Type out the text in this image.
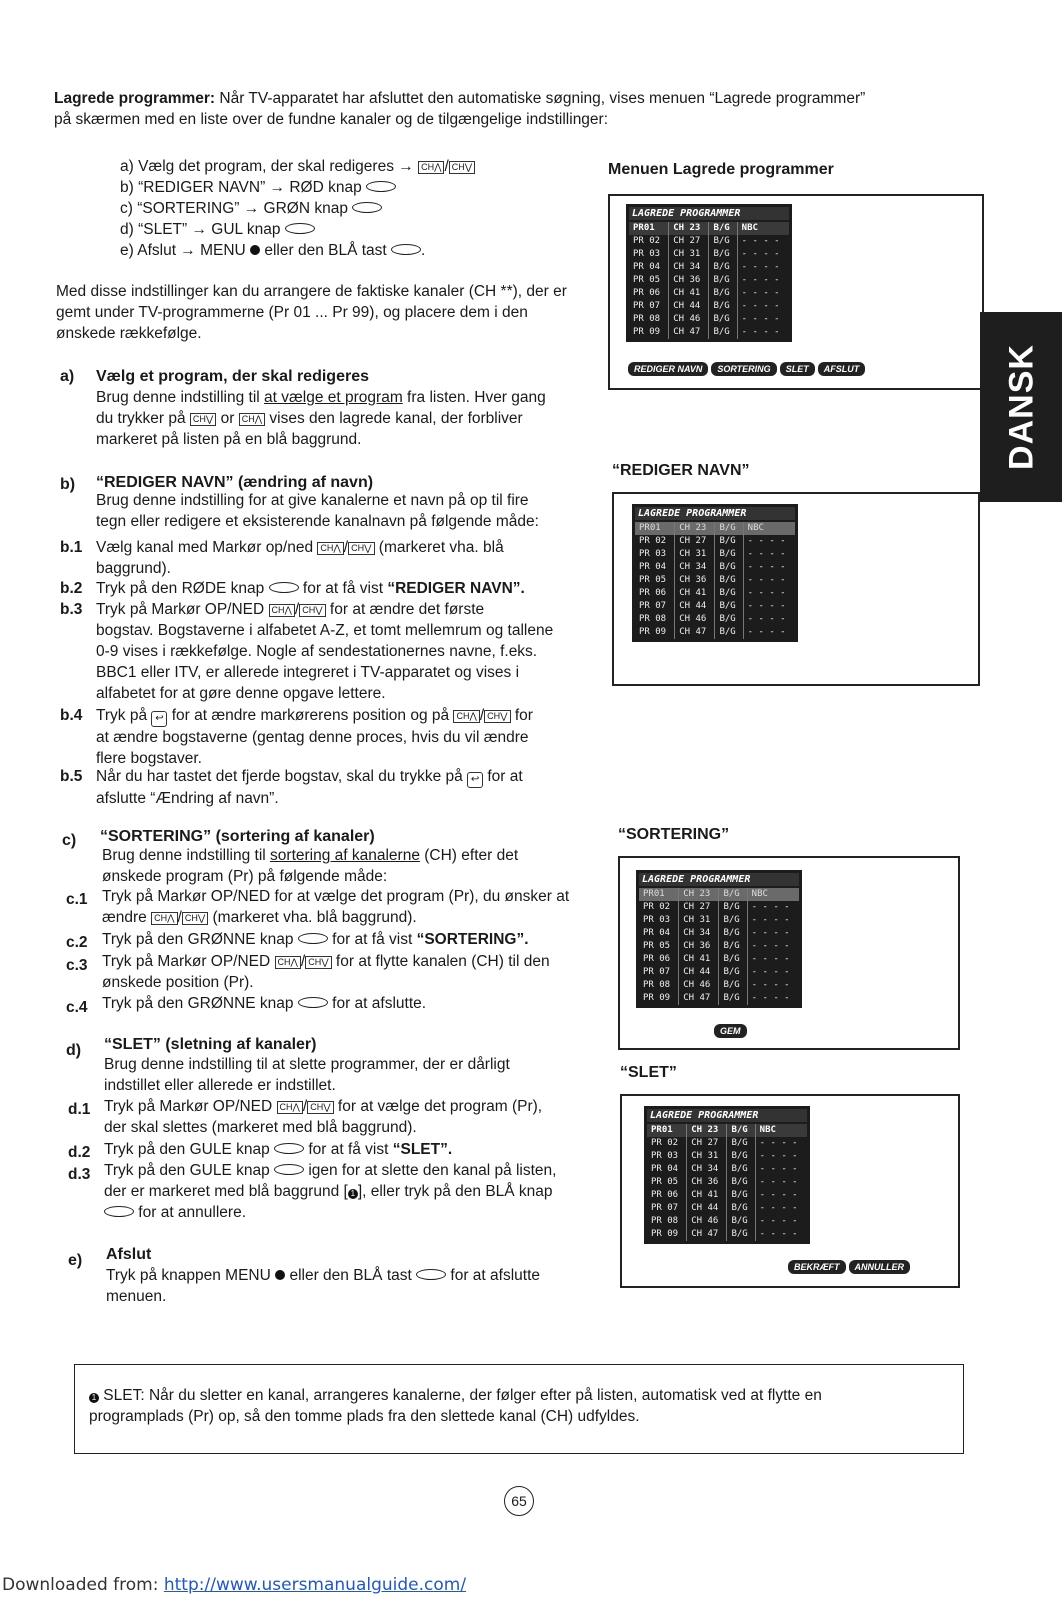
Lagrede programmer: Når TV-apparatet har afsluttet den automatiske søgning, vises menuen “Lagrede programmer”
på skærmen med en liste over de fundne kanaler og de tilgængelige indstillinger:
a) Vælg det program, der skal redigeres → CH⋀ / CH⋁
b) “REDIGER NAVN” → RØD knap
c) “SORTERING” → GRØN knap
d) “SLET” → GUL knap
e) Afslut → MENU  eller den BLÅ tast .
Med disse indstillinger kan du arrangere de faktiske kanaler (CH **), der er
gemt under TV-programmerne (Pr 01 ... Pr 99), og placere dem i den
ønskede rækkefølge.
a) Vælg et program, der skal redigeres
Brug denne indstilling til at vælge et program fra listen. Hver gang
du trykker på CH⋁ or CH⋀ vises den lagrede kanal, der forbliver
markeret på listen på en blå baggrund.
b) “REDIGER NAVN” (ændring af navn)
Brug denne indstilling for at give kanalerne et navn på op til fire
tegn eller redigere et eksisterende kanalnavn på følgende måde:
b.1 Vælg kanal med Markør op/ned CH⋀ / CH⋁ (markeret vha. blå
baggrund).
b.2 Tryk på den RØDE knap  for at få vist “REDIGER NAVN”.
b.3 Tryk på Markør OP/NED CH⋀ / CH⋁ for at ændre det første
bogstav. Bogstaverne i alfabetet A-Z, et tomt mellemrum og tallene
0-9 vises i rækkefølge. Nogle af sendestationernes navne, f.eks.
BBC1 eller ITV, er allerede integreret i TV-apparatet og vises i
alfabetet for at gøre denne opgave lettere.
b.4 Tryk på ↩ for at ændre markørerens position og på CH⋀ / CH⋁ for
at ændre bogstaverne (gentag denne proces, hvis du vil ændre
flere bogstaver.
b.5 Når du har tastet det fjerde bogstav, skal du trykke på ↩ for at
afslutte “Ændring af navn”.
c) “SORTERING” (sortering af kanaler)
Brug denne indstilling til sortering af kanalerne (CH) efter det
ønskede program (Pr) på følgende måde:
c.1 Tryk på Markør OP/NED for at vælge det program (Pr), du ønsker at
ændre CH⋀ / CH⋁ (markeret vha. blå baggrund).
c.2 Tryk på den GRØNNE knap  for at få vist “SORTERING”.
c.3 Tryk på Markør OP/NED CH⋀ / CH⋁ for at flytte kanalen (CH) til den
ønskede position (Pr).
c.4 Tryk på den GRØNNE knap  for at afslutte.
d) “SLET” (sletning af kanaler)
Brug denne indstilling til at slette programmer, der er dårligt
indstillet eller allerede er indstillet.
d.1 Tryk på Markør OP/NED CH⋀ / CH⋁ for at vælge det program (Pr),
der skal slettes (markeret med blå baggrund).
d.2 Tryk på den GULE knap  for at få vist “SLET”.
d.3 Tryk på den GULE knap  igen for at slette den kanal på listen,
der er markeret med blå baggrund [ 1 ], eller tryk på den BLÅ knap
for at annullere.
e) Afslut
Tryk på knappen MENU  eller den BLÅ tast  for at afslutte
menuen.
Menuen Lagrede programmer
LAGREDE PROGRAMMER
PR01	CH 23	B/G	NBC
PR 02	CH 27	B/G	- - - -
PR 03	CH 31	B/G	- - - -
PR 04	CH 34	B/G	- - - -
PR 05	CH 36	B/G	- - - -
PR 06	CH 41	B/G	- - - -
PR 07	CH 44	B/G	- - - -
PR 08	CH 46	B/G	- - - -
PR 09	CH 47	B/G	- - - -
REDIGER NAVN SORTERING SLET AFSLUT
“REDIGER NAVN”
LAGREDE PROGRAMMER
PR01	CH 23	B/G	NBC
PR 02	CH 27	B/G	- - - -
PR 03	CH 31	B/G	- - - -
PR 04	CH 34	B/G	- - - -
PR 05	CH 36	B/G	- - - -
PR 06	CH 41	B/G	- - - -
PR 07	CH 44	B/G	- - - -
PR 08	CH 46	B/G	- - - -
PR 09	CH 47	B/G	- - - -
“SORTERING”
LAGREDE PROGRAMMER
PR01	CH 23	B/G	NBC
PR 02	CH 27	B/G	- - - -
PR 03	CH 31	B/G	- - - -
PR 04	CH 34	B/G	- - - -
PR 05	CH 36	B/G	- - - -
PR 06	CH 41	B/G	- - - -
PR 07	CH 44	B/G	- - - -
PR 08	CH 46	B/G	- - - -
PR 09	CH 47	B/G	- - - -
GEM
“SLET”
LAGREDE PROGRAMMER
PR01	CH 23	B/G	NBC
PR 02	CH 27	B/G	- - - -
PR 03	CH 31	B/G	- - - -
PR 04	CH 34	B/G	- - - -
PR 05	CH 36	B/G	- - - -
PR 06	CH 41	B/G	- - - -
PR 07	CH 44	B/G	- - - -
PR 08	CH 46	B/G	- - - -
PR 09	CH 47	B/G	- - - -
BEKRÆFT ANNULLER
DANSK
1 SLET: Når du sletter en kanal, arrangeres kanalerne, der følger efter på listen, automatisk ved at flytte en
programplads (Pr) op, så den tomme plads fra den slettede kanal (CH) udfyldes.
65
Downloaded from: http://www.usersmanualguide.com/
